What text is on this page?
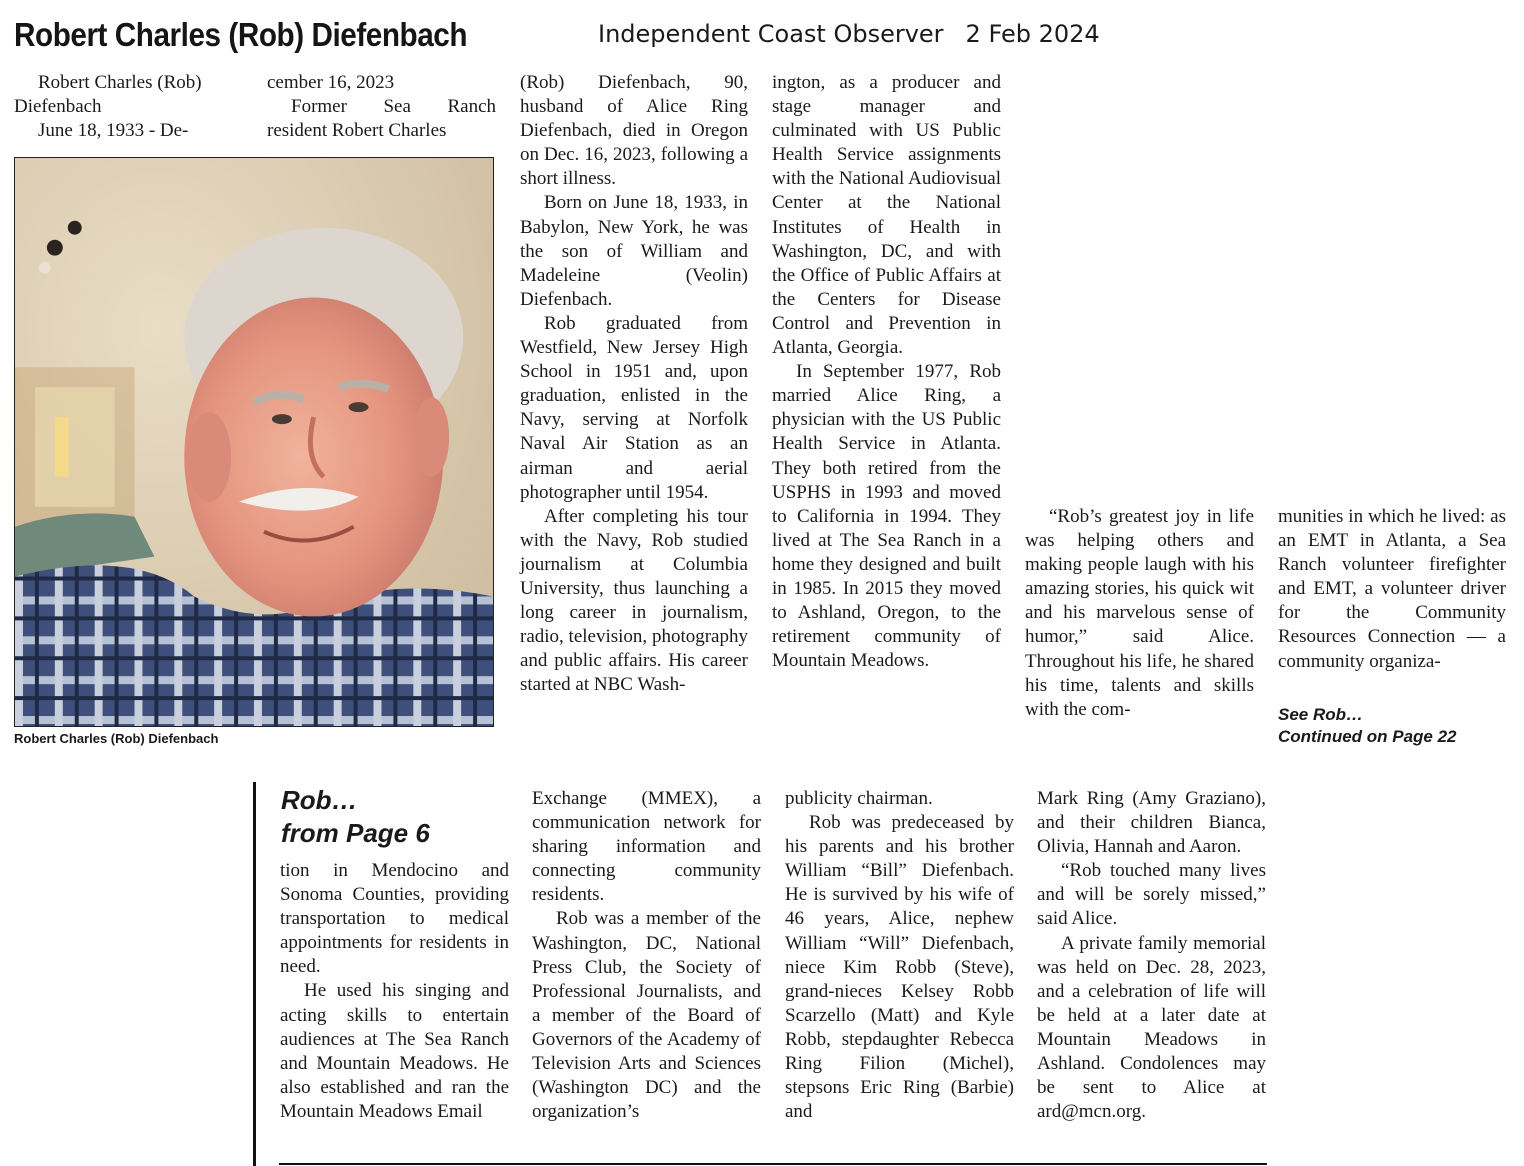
Robert Charles (Rob) Diefenbach	Independent Coast Observer 2 Feb 2024

Robert Charles (Rob)

Diefenbach

June 18, 1933 - De-

cember 16, 2023

Former Sea Ranch resident Robert Charles

Robert Charles (Rob) Diefenbach

(Rob) Diefenbach, 90, husband of Alice Ring Diefenbach, died in Oregon on Dec. 16, 2023, following a short illness.

Born on June 18, 1933, in Babylon, New York, he was the son of William and Madeleine (Veolin) Diefenbach.

Rob graduated from Westfield, New Jersey High School in 1951 and, upon graduation, enlisted in the Navy, serving at Norfolk Naval Air Station as an airman and aerial photographer until 1954.

After completing his tour with the Navy, Rob studied journalism at Columbia University, thus launching a long career in journalism, radio, television, photography and public affairs. His career started at NBC Wash-

ington, as a producer and stage manager and culminated with US Public Health Service assignments with the National Audiovisual Center at the National Institutes of Health in Washington, DC, and with the Office of Public Affairs at the Centers for Disease Control and Prevention in Atlanta, Georgia.

In September 1977, Rob married Alice Ring, a physician with the US Public Health Service in Atlanta. They both retired from the USPHS in 1993 and moved to California in 1994. They lived at The Sea Ranch in a home they designed and built in 1985. In 2015 they moved to Ashland, Oregon, to the retirement community of Mountain Meadows.

“Rob’s greatest joy in life was helping others and making people laugh with his amazing stories, his quick wit and his marvelous sense of humor,” said Alice. Throughout his life, he shared his time, talents and skills with the com-

munities in which he lived: as an EMT in Atlanta, a Sea Ranch volunteer firefighter and EMT, a volunteer driver for the Community Resources Connection — a community organiza-

See Rob…
Continued on Page 22
Rob…
from Page 6

tion in Mendocino and Sonoma Counties, providing transportation to medical appointments for residents in need.

He used his singing and acting skills to entertain audiences at The Sea Ranch and Mountain Meadows. He also established and ran the Mountain Meadows Email

Exchange (MMEX), a communication network for sharing information and connecting community residents.

Rob was a member of the Washington, DC, National Press Club, the Society of Professional Journalists, and a member of the Board of Governors of the Academy of Television Arts and Sciences (Washington DC) and the organization’s

publicity chairman.

Rob was predeceased by his parents and his brother William “Bill” Diefenbach. He is survived by his wife of 46 years, Alice, nephew William “Will” Diefenbach, niece Kim Robb (Steve), grand-nieces Kelsey Robb Scarzello (Matt) and Kyle Robb, stepdaughter Rebecca Ring Filion (Michel), stepsons Eric Ring (Barbie) and

Mark Ring (Amy Graziano), and their children Bianca, Olivia, Hannah and Aaron.

“Rob touched many lives and will be sorely missed,” said Alice.

A private family memorial was held on Dec. 28, 2023, and a celebration of life will be held at a later date at Mountain Meadows in Ashland. Condolences may be sent to Alice at ard@mcn.org.
